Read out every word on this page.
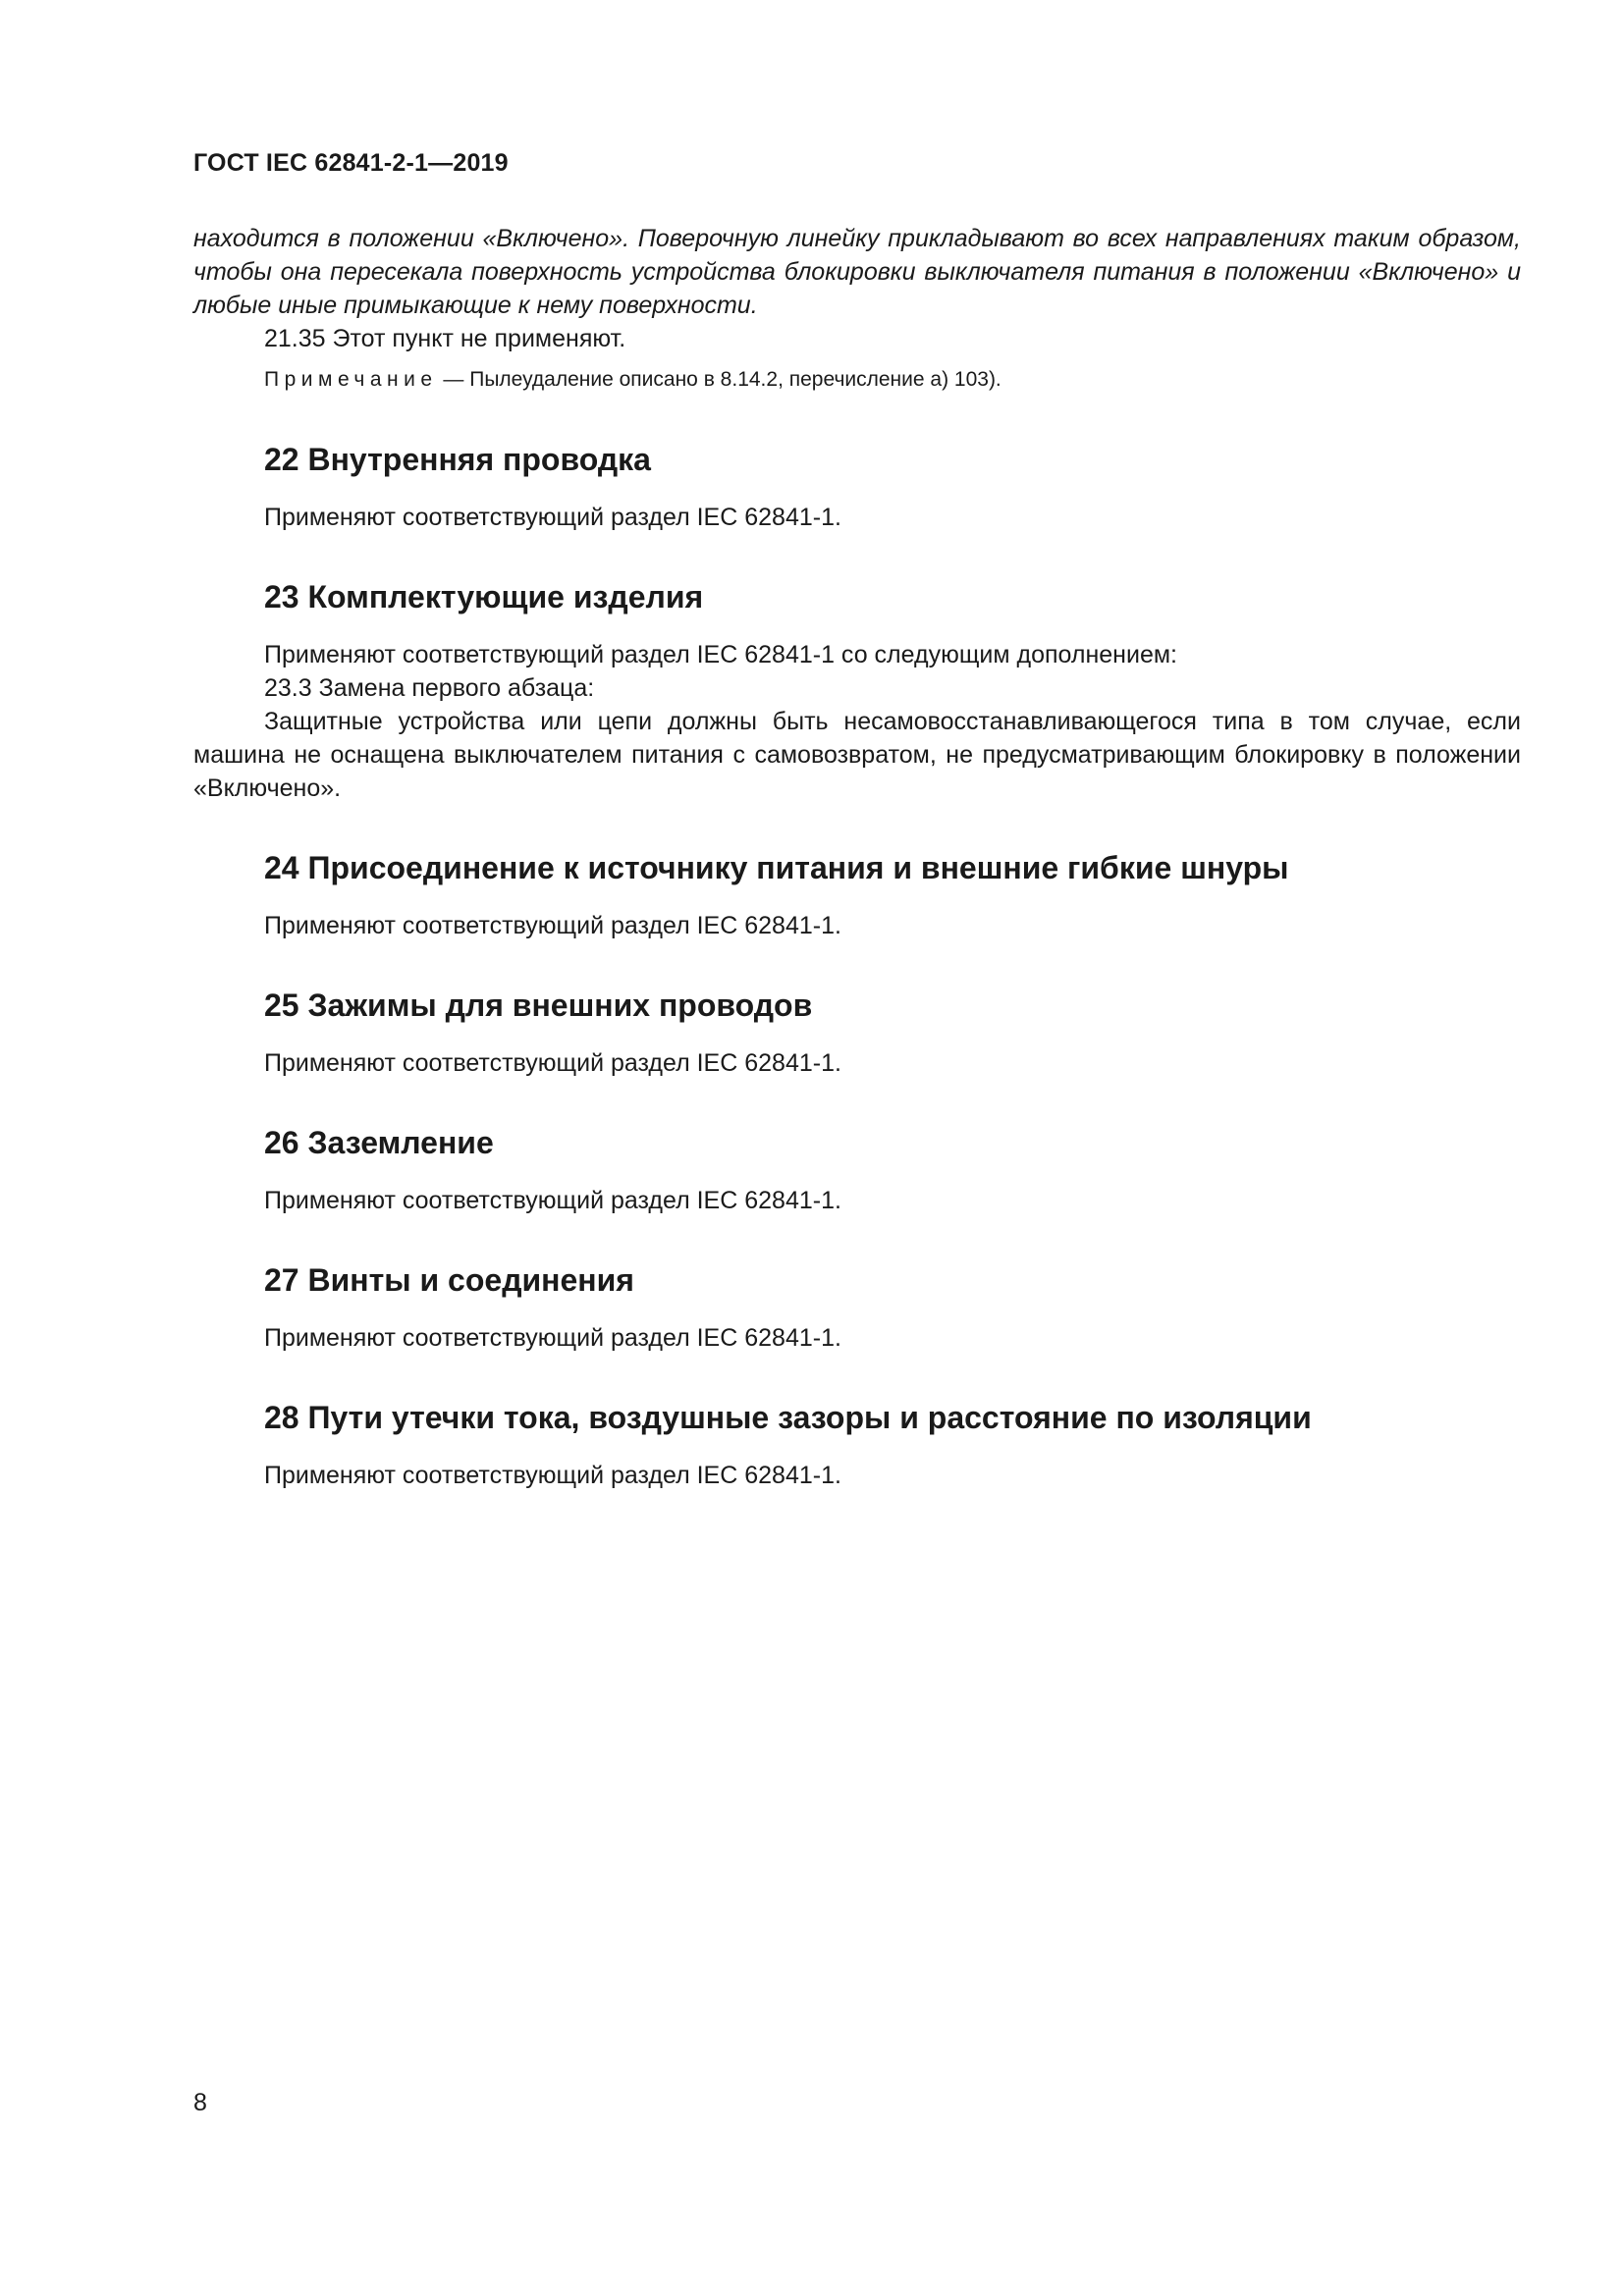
ГОСТ IEC 62841-2-1—2019

находится в положении «Включено». Поверочную линейку прикладывают во всех направлениях таким образом, чтобы она пересекала поверхность устройства блокировки выключателя питания в положении «Включено» и любые иные примыкающие к нему поверхности.

21.35 Этот пункт не применяют.

Примечание — Пылеудаление описано в 8.14.2, перечисление а) 103).

22 Внутренняя проводка

Применяют соответствующий раздел IEC 62841-1.

23 Комплектующие изделия

Применяют соответствующий раздел IEC 62841-1 со следующим дополнением:

23.3 Замена первого абзаца:

Защитные устройства или цепи должны быть несамовосстанавливающегося типа в том случае, если машина не оснащена выключателем питания с самовозвратом, не предусматривающим блокировку в положении «Включено».

24 Присоединение к источнику питания и внешние гибкие шнуры

Применяют соответствующий раздел IEC 62841-1.

25 Зажимы для внешних проводов

Применяют соответствующий раздел IEC 62841-1.

26 Заземление

Применяют соответствующий раздел IEC 62841-1.

27 Винты и соединения

Применяют соответствующий раздел IEC 62841-1.

28 Пути утечки тока, воздушные зазоры и расстояние по изоляции

Применяют соответствующий раздел IEC 62841-1.

8
